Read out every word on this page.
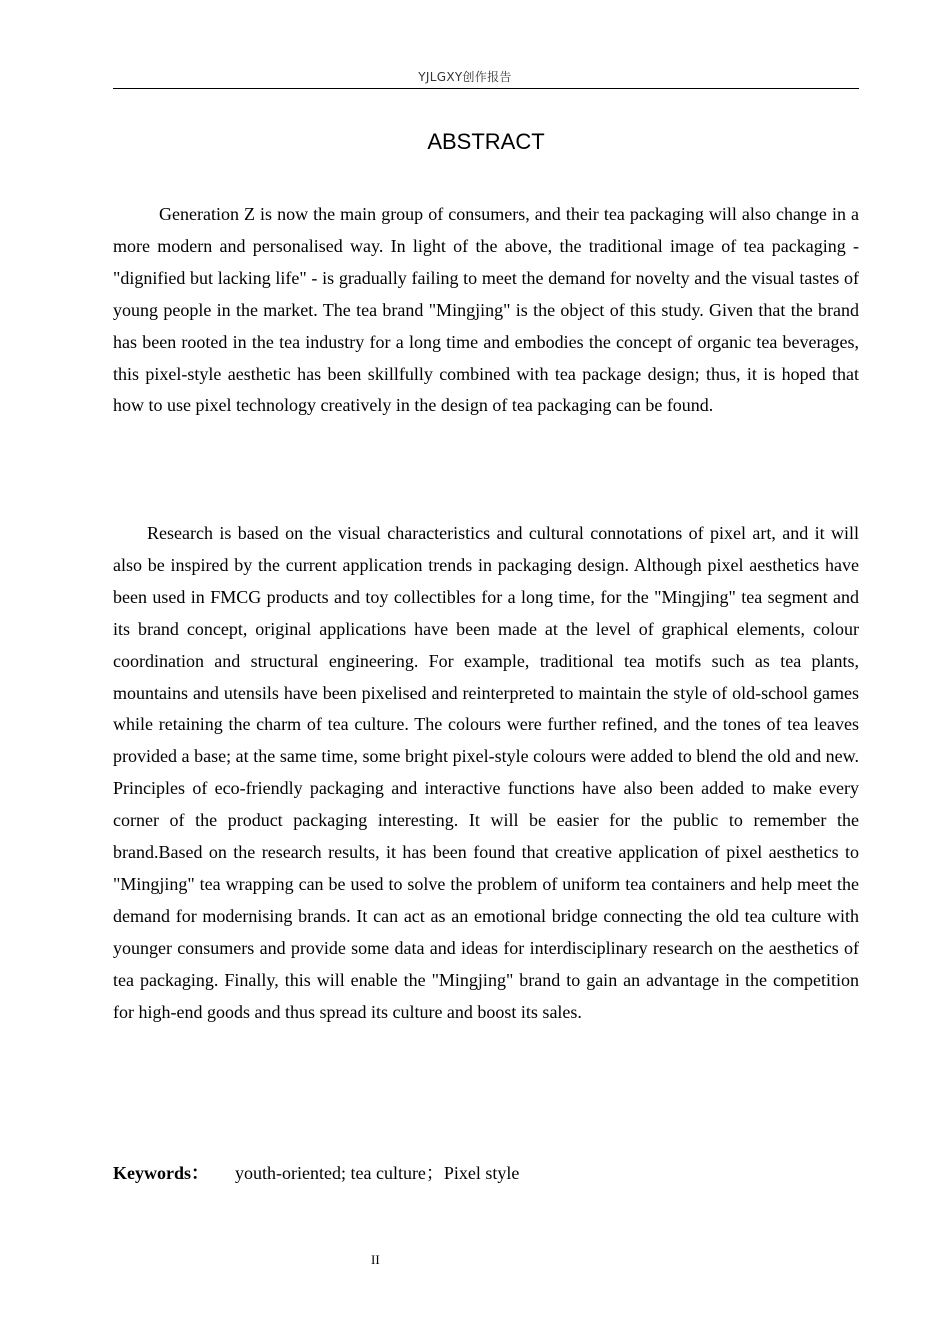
YJLGXY创作报告
ABSTRACT

Generation Z is now the main group of consumers, and their tea packaging will also change in a more modern and personalised way. In light of the above, the traditional image of tea packaging - "dignified but lacking life" - is gradually failing to meet the demand for novelty and the visual tastes of young people in the market. The tea brand "Mingjing" is the object of this study. Given that the brand has been rooted in the tea industry for a long time and embodies the concept of organic tea beverages, this pixel-style aesthetic has been skillfully combined with tea package design; thus, it is hoped that how to use pixel technology creatively in the design of tea packaging can be found.

Research is based on the visual characteristics and cultural connotations of pixel art, and it will also be inspired by the current application trends in packaging design. Although pixel aesthetics have been used in FMCG products and toy collectibles for a long time, for the "Mingjing" tea segment and its brand concept, original applications have been made at the level of graphical elements, colour coordination and structural engineering. For example, traditional tea motifs such as tea plants, mountains and utensils have been pixelised and reinterpreted to maintain the style of old-school games while retaining the charm of tea culture. The colours were further refined, and the tones of tea leaves provided a base; at the same time, some bright pixel-style colours were added to blend the old and new. Principles of eco-friendly packaging and interactive functions have also been added to make every corner of the product packaging interesting. It will be easier for the public to remember the brand.Based on the research results, it has been found that creative application of pixel aesthetics to "Mingjing" tea wrapping can be used to solve the problem of uniform tea containers and help meet the demand for modernising brands. It can act as an emotional bridge connecting the old tea culture with younger consumers and provide some data and ideas for interdisciplinary research on the aesthetics of tea packaging. Finally, this will enable the "Mingjing" brand to gain an advantage in the competition for high-end goods and thus spread its culture and boost its sales.

Keywords： youth-oriented; tea culture；Pixel style
II
